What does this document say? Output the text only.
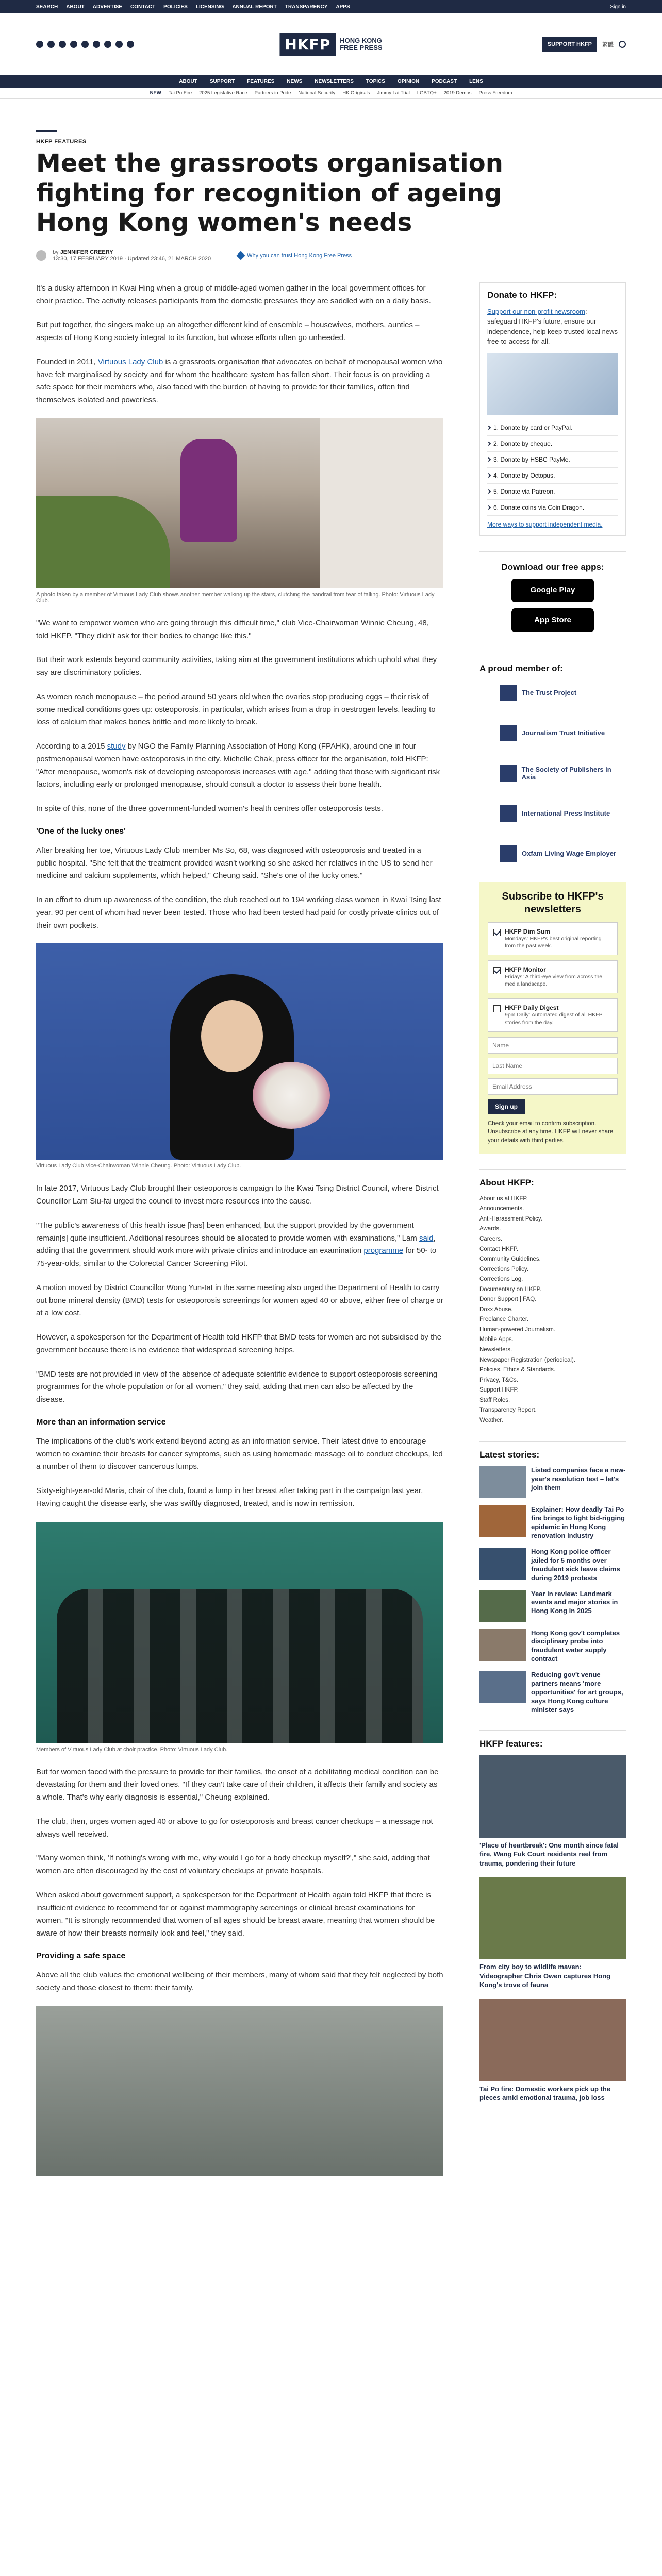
SEARCH ABOUT ADVERTISE CONTACT POLICIES LICENSING ANNUAL REPORT TRANSPARENCY APPS	Sign in
HKFP	HONG KONG
FREE PRESS	SUPPORT HKFP	繁體
ABOUT SUPPORT FEATURES NEWS NEWSLETTERS TOPICS OPINION PODCAST LENS
NEW Tai Po Fire 2025 Legislative Race Partners in Pride National Security HK Originals Jimmy Lai Trial LGBTQ+ 2019 Demos Press Freedom
HKFP FEATURES
Meet the grassroots organisation fighting for recognition of ageing Hong Kong women's needs
by JENNIFER CREERY
13:30, 17 FEBRUARY 2019 · Updated 23:46, 21 MARCH 2020	Why you can trust Hong Kong Free Press

It's a dusky afternoon in Kwai Hing when a group of middle-aged women gather in the local government offices for choir practice. The activity releases participants from the domestic pressures they are saddled with on a daily basis.

But put together, the singers make up an altogether different kind of ensemble – housewives, mothers, aunties – aspects of Hong Kong society integral to its function, but whose efforts often go unheeded.

Founded in 2011, Virtuous Lady Club is a grassroots organisation that advocates on behalf of menopausal women who have felt marginalised by society and for whom the healthcare system has fallen short. Their focus is on providing a safe space for their members who, also faced with the burden of having to provide for their families, often find themselves isolated and powerless.

A photo taken by a member of Virtuous Lady Club shows another member walking up the stairs, clutching the handrail from fear of falling. Photo: Virtuous Lady Club.

"We want to empower women who are going through this difficult time," club Vice-Chairwoman Winnie Cheung, 48, told HKFP. "They didn't ask for their bodies to change like this."

But their work extends beyond community activities, taking aim at the government institutions which uphold what they say are discriminatory policies.

As women reach menopause – the period around 50 years old when the ovaries stop producing eggs – their risk of some medical conditions goes up: osteoporosis, in particular, which arises from a drop in oestrogen levels, leading to loss of calcium that makes bones brittle and more likely to break.

According to a 2015 study by NGO the Family Planning Association of Hong Kong (FPAHK), around one in four postmenopausal women have osteoporosis in the city. Michelle Chak, press officer for the organisation, told HKFP: "After menopause, women's risk of developing osteoporosis increases with age," adding that those with significant risk factors, including early or prolonged menopause, should consult a doctor to assess their bone health.

In spite of this, none of the three government-funded women's health centres offer osteoporosis tests.

'One of the lucky ones'

After breaking her toe, Virtuous Lady Club member Ms So, 68, was diagnosed with osteoporosis and treated in a public hospital. "She felt that the treatment provided wasn't working so she asked her relatives in the US to send her medicine and calcium supplements, which helped," Cheung said. "She's one of the lucky ones."

In an effort to drum up awareness of the condition, the club reached out to 194 working class women in Kwai Tsing last year. 90 per cent of whom had never been tested. Those who had been tested had paid for costly private clinics out of their own pockets.

Virtuous Lady Club Vice-Chairwoman Winnie Cheung. Photo: Virtuous Lady Club.

In late 2017, Virtuous Lady Club brought their osteoporosis campaign to the Kwai Tsing District Council, where District Councillor Lam Siu-fai urged the council to invest more resources into the cause.

"The public's awareness of this health issue [has] been enhanced, but the support provided by the government remain[s] quite insufficient. Additional resources should be allocated to provide women with examinations," Lam said, adding that the government should work more with private clinics and introduce an examination programme for 50- to 75-year-olds, similar to the Colorectal Cancer Screening Pilot.

A motion moved by District Councillor Wong Yun-tat in the same meeting also urged the Department of Health to carry out bone mineral density (BMD) tests for osteoporosis screenings for women aged 40 or above, either free of charge or at a low cost.

However, a spokesperson for the Department of Health told HKFP that BMD tests for women are not subsidised by the government because there is no evidence that widespread screening helps.

"BMD tests are not provided in view of the absence of adequate scientific evidence to support osteoporosis screening programmes for the whole population or for all women," they said, adding that men can also be affected by the disease.

More than an information service

The implications of the club's work extend beyond acting as an information service. Their latest drive to encourage women to examine their breasts for cancer symptoms, such as using homemade massage oil to conduct checkups, led a number of them to discover cancerous lumps.

Sixty-eight-year-old Maria, chair of the club, found a lump in her breast after taking part in the campaign last year. Having caught the disease early, she was swiftly diagnosed, treated, and is now in remission.

Members of Virtuous Lady Club at choir practice. Photo: Virtuous Lady Club.

But for women faced with the pressure to provide for their families, the onset of a debilitating medical condition can be devastating for them and their loved ones. "If they can't take care of their children, it affects their family and society as a whole. That's why early diagnosis is essential," Cheung explained.

The club, then, urges women aged 40 or above to go for osteoporosis and breast cancer checkups – a message not always well received.

"Many women think, 'If nothing's wrong with me, why would I go for a body checkup myself?'," she said, adding that women are often discouraged by the cost of voluntary checkups at private hospitals.

When asked about government support, a spokesperson for the Department of Health again told HKFP that there is insufficient evidence to recommend for or against mammography screenings or clinical breast examinations for women. "It is strongly recommended that women of all ages should be breast aware, meaning that women should be aware of how their breasts normally look and feel," they said.

Providing a safe space

Above all the club values the emotional wellbeing of their members, many of whom said that they felt neglected by both society and those closest to them: their family.

Donate to HKFP:
Support our non-profit newsroom: safeguard HKFP's future, ensure our independence, help keep trusted local news free-to-access for all.
1. Donate by card or PayPal.
2. Donate by cheque.
3. Donate by HSBC PayMe.
4. Donate by Octopus.
5. Donate via Patreon.
6. Donate coins via Coin Dragon.
More ways to support independent media.
Download our free apps:
Google Play
App Store
A proud member of:
The Trust Project
Journalism Trust Initiative
The Society of Publishers in Asia
International Press Institute
Oxfam Living Wage Employer
Subscribe to HKFP's newsletters
HKFP Dim Sum
Mondays: HKFP's best original reporting from the past week.
HKFP Monitor
Fridays: A third-eye view from across the media landscape.
HKFP Daily Digest
9pm Daily: Automated digest of all HKFP stories from the day.
Name Last Name Email Address Sign up
Check your email to confirm subscription. Unsubscribe at any time. HKFP will never share your details with third parties.
About HKFP:
About us at HKFP.
Announcements.
Anti-Harassment Policy.
Awards.
Careers.
Contact HKFP.
Community Guidelines.
Corrections Policy.
Corrections Log.
Documentary on HKFP.
Donor Support | FAQ.
Doxx Abuse.
Freelance Charter.
Human-powered Journalism.
Mobile Apps.
Newsletters.
Newspaper Registration (periodical).
Policies, Ethics & Standards.
Privacy, T&Cs.
Support HKFP.
Staff Roles.
Transparency Report.
Weather.
Latest stories:
Listed companies face a new-year's resolution test – let's join them
Explainer: How deadly Tai Po fire brings to light bid-rigging epidemic in Hong Kong renovation industry
Hong Kong police officer jailed for 5 months over fraudulent sick leave claims during 2019 protests
Year in review: Landmark events and major stories in Hong Kong in 2025
Hong Kong gov't completes disciplinary probe into fraudulent water supply contract
Reducing gov't venue partners means 'more opportunities' for art groups, says Hong Kong culture minister says
HKFP features:
'Place of heartbreak': One month since fatal fire, Wang Fuk Court residents reel from trauma, pondering their future
From city boy to wildlife maven: Videographer Chris Owen captures Hong Kong's trove of fauna
Tai Po fire: Domestic workers pick up the pieces amid emotional trauma, job loss
